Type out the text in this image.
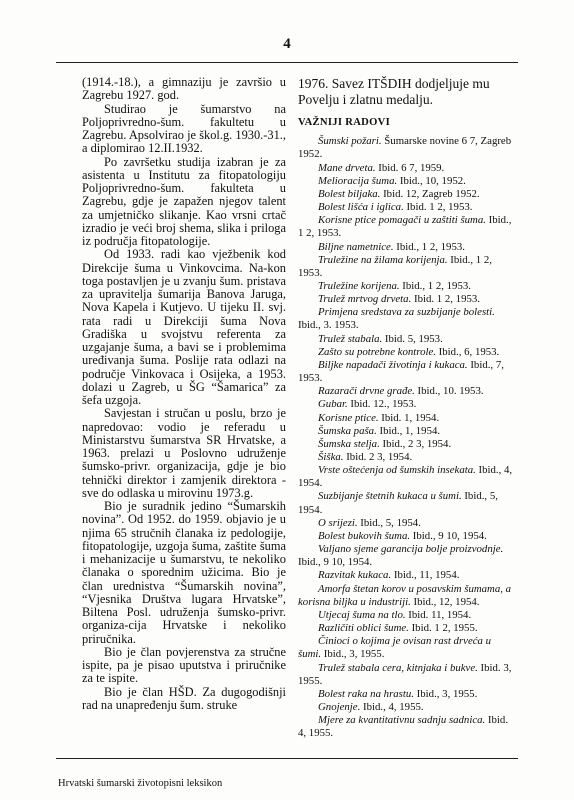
4

(1914.-18.), a gimnaziju je završio u Zagrebu 1927. god.

Studirao je šumarstvo na Poljoprivredno-šum. fakultetu u Zagrebu. Apsolvirao je škol.g. 1930.-31., a diplomirao 12.II.1932.

Po završetku studija izabran je za asistenta u Institutu za fitopatologiju Poljoprivredno-šum. fakulteta u Zagrebu, gdje je zapažen njegov talent za umjetničko slikanje. Kao vrsni crtač izradio je veći broj shema, slika i priloga iz područja fitopatologije.

Od 1933. radi kao vježbenik kod Direkcije šuma u Vinkovcima. Na-kon toga postavljen je u zvanju šum. pristava za upravitelja šumarija Banova Jaruga, Nova Kapela i Kutjevo. U tijeku II. svj. rata radi u Direkciji šuma Nova Gradiška u svojstvu referenta za uzgajanje šuma, a bavi se i problemima uređivanja šuma. Poslije rata odlazi na područje Vinkovaca i Osijeka, a 1953. dolazi u Zagreb, u ŠG “Šamarica” za šefa uzgoja.

Savjestan i stručan u poslu, brzo je napredovao: vodio je referadu u Ministarstvu šumarstva SR Hrvatske, a 1963. prelazi u Poslovno udruženje šumsko-privr. organizacija, gdje je bio tehnički direktor i zamjenik direktora - sve do odlaska u mirovinu 1973.g.

Bio je suradnik jedino “Šumarskih novina”. Od 1952. do 1959. objavio je u njima 65 stručnih članaka iz pedologije, fitopatologije, uzgoja šuma, zaštite šuma i mehanizacije u šumarstvu, te nekoliko članaka o sporednim užicima. Bio je član urednistva “Šumarskih novina”, “Vjesnika Društva lugara Hrvatske”, Biltena Posl. udruženja šumsko-privr. organiza-cija Hrvatske i nekoliko priručnika.

Bio je član povjerenstva za stručne ispite, pa je pisao uputstva i priručnike za te ispite.

Bio je član HŠD. Za dugogodišnji rad na unapređenju šum. struke

1976. Savez ITŠDIH dodjeljuje mu Povelju i zlatnu medalju.

VAŽNIJI RADOVI

Šumski požari. Šumarske novine 6 7, Zagreb 1952.

Mane drveta. Ibid. 6 7, 1959.

Melioracija šuma. Ibid., 10, 1952.

Bolest biljaka. Ibid. 12, Zagreb 1952.

Bolest lišća i iglica. Ibid. 1 2, 1953.

Korisne ptice pomagači u zaštiti šuma. Ibid., 1 2, 1953.

Biljne nametnice. Ibid., 1 2, 1953.

Truležine na žilama korijenja. Ibid., 1 2, 1953.

Truležine korijena. Ibid., 1 2, 1953.

Trulež mrtvog drveta. Ibid. 1 2, 1953.

Primjena sredstava za suzbijanje bolesti. Ibid., 3. 1953.

Trulež stabala. Ibid. 5, 1953.

Zašto su potrebne kontrole. Ibid., 6, 1953.

Biljke napadači životinja i kukaca. Ibid., 7, 1953.

Razarači drvne građe. Ibid., 10. 1953.

Gubar. Ibid. 12., 1953.

Korisne ptice. Ibid. 1, 1954.

Šumska paša. Ibid., 1, 1954.

Šumska stelja. Ibid., 2 3, 1954.

Šiška. Ibid. 2 3, 1954.

Vrste oštećenja od šumskih insekata. Ibid., 4, 1954.

Suzbijanje štetnih kukaca u šumi. Ibid., 5, 1954.

O srijezi. Ibid., 5, 1954.

Bolest bukovih šuma. Ibid., 9 10, 1954.

Valjano sjeme garancija bolje proizvodnje. Ibid., 9 10, 1954.

Razvitak kukaca. Ibid., 11, 1954.

Amorfa štetan korov u posavskim šumama, a korisna biljka u industriji. Ibid., 12, 1954.

Utjecaj šuma na tlo. Ibid. 11, 1954.

Različiti oblici šume. Ibid. 1 2, 1955.

Činioci o kojima je ovisan rast drveća u šumi. Ibid., 3, 1955.

Trulež stabala cera, kitnjaka i bukve. Ibid. 3, 1955.

Bolest raka na hrastu. Ibid., 3, 1955.

Gnojenje. Ibid., 4, 1955.

Mjere za kvantitativnu sadnju sadnica. Ibid. 4, 1955.

Hrvatski šumarski životopisni leksikon
